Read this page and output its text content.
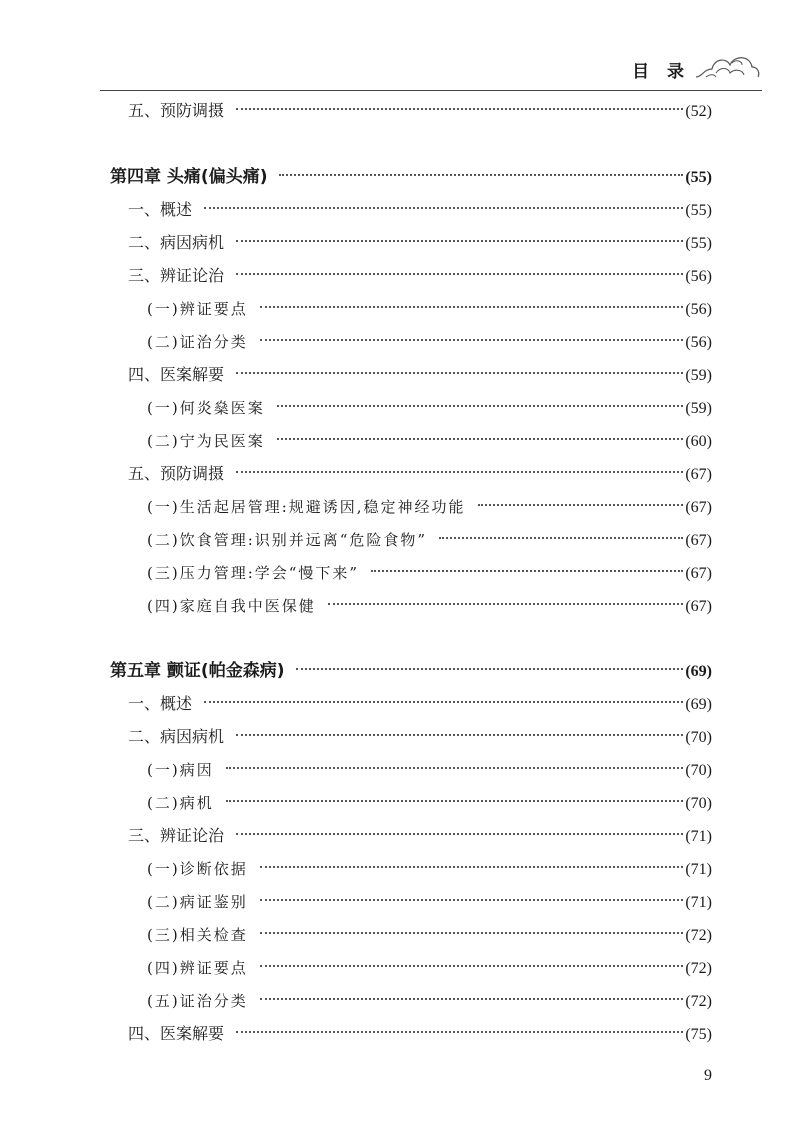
目 录
五、预防调摄	(52)
第四章 头痛(偏头痛)	(55)
一、概述	(55)
二、病因病机	(55)
三、辨证论治	(56)
(一)辨证要点	(56)
(二)证治分类	(56)
四、医案解要	(59)
(一)何炎燊医案	(59)
(二)宁为民医案	(60)
五、预防调摄	(67)
(一)生活起居管理:规避诱因,稳定神经功能	(67)
(二)饮食管理:识别并远离“危险食物”	(67)
(三)压力管理:学会“慢下来”	(67)
(四)家庭自我中医保健	(67)
第五章 颤证(帕金森病)	(69)
一、概述	(69)
二、病因病机	(70)
(一)病因	(70)
(二)病机	(70)
三、辨证论治	(71)
(一)诊断依据	(71)
(二)病证鉴别	(71)
(三)相关检查	(72)
(四)辨证要点	(72)
(五)证治分类	(72)
四、医案解要	(75)
9
